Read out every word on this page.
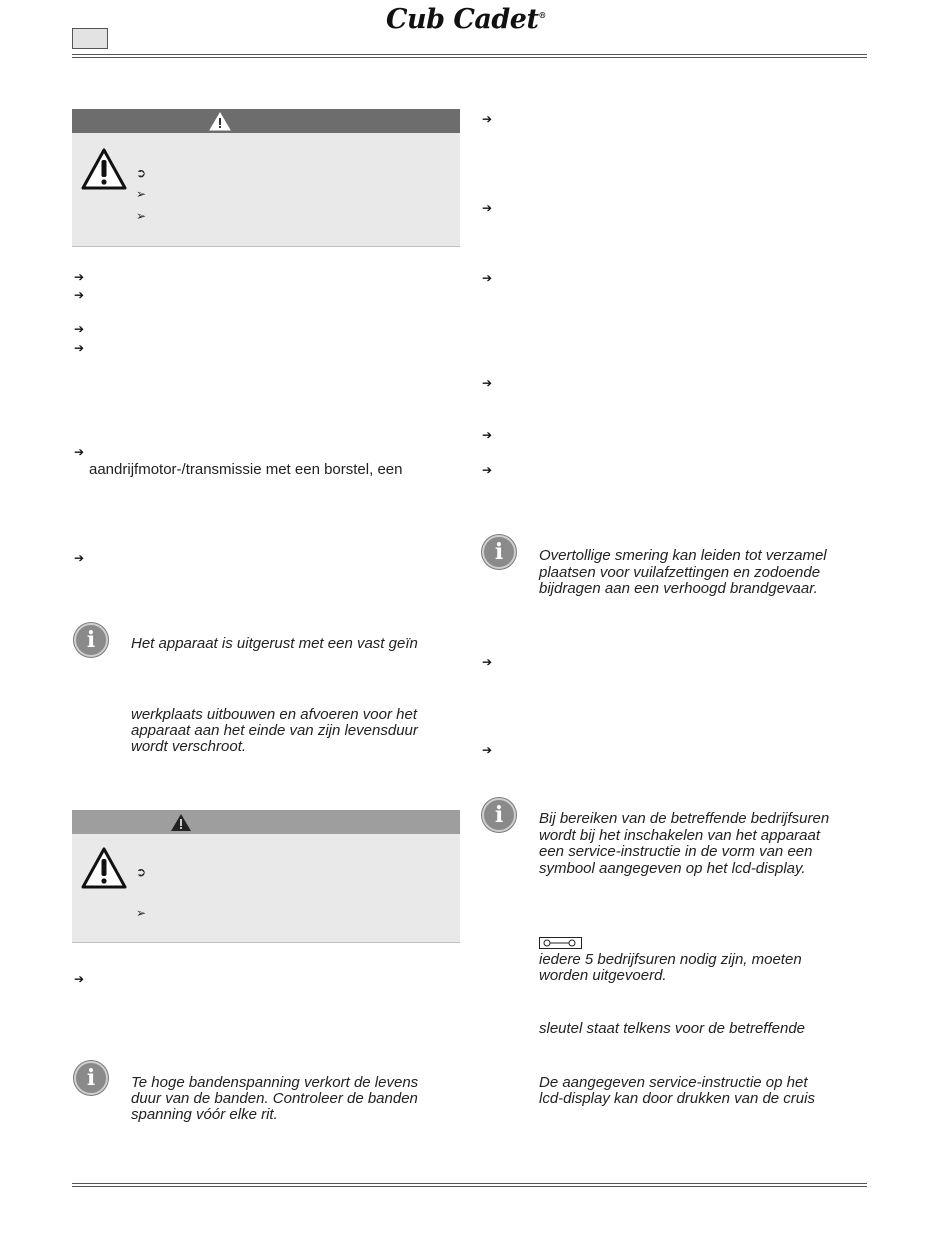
Cub Cadet®
➲
➢
➢
➔
➔
➔
➔
➔
aandrijfmotor-/transmissie met een borstel, een
➔
i	Het apparaat is uitgerust met een vast geïn
werkplaats uitbouwen en afvoeren voor het
apparaat aan het einde van zijn levensduur
wordt verschroot.
➲
➢
➔
i	Te hoge bandenspanning verkort de levens
duur van de banden. Controleer de banden
spanning vóór elke rit.
➔
➔
➔
➔
➔
➔
i	Overtollige smering kan leiden tot verzamel
plaatsen voor vuilafzettingen en zodoende
bijdragen aan een verhoogd brandgevaar.
➔
➔
i	Bij bereiken van de betreffende bedrijfsuren
wordt bij het inschakelen van het apparaat
een service-instructie in de vorm van een
symbool aangegeven op het lcd-display.
iedere 5 bedrijfsuren nodig zijn, moeten
worden uitgevoerd.
sleutel staat telkens voor de betreffende
De aangegeven service-instructie op het
lcd-display kan door drukken van de cruis
